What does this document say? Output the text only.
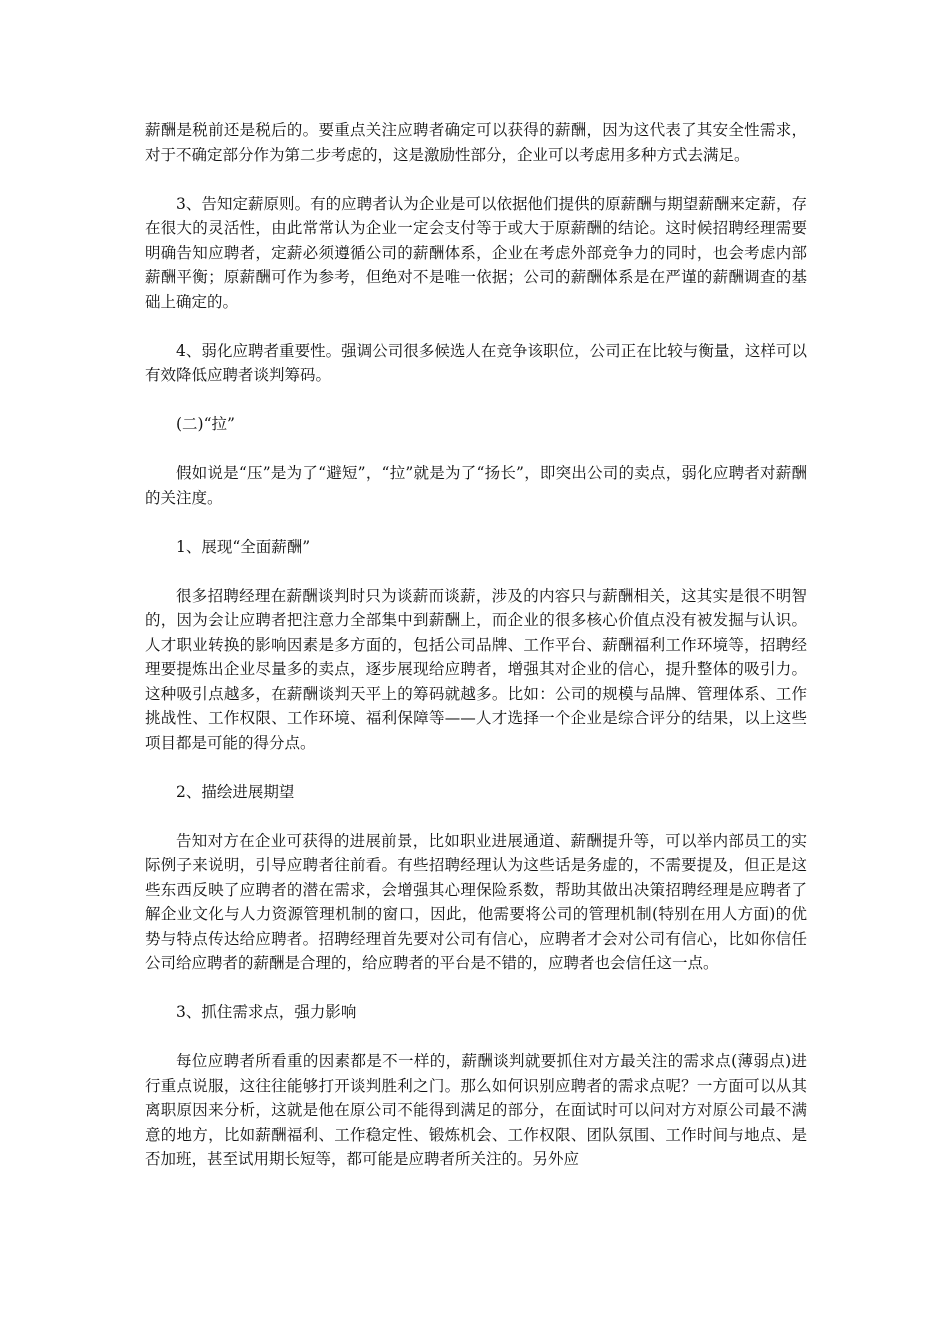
薪酬是税前还是税后的。要重点关注应聘者确定可以获得的薪酬，因为这代表了其安全性需求，对于不确定部分作为第二步考虑的，这是激励性部分，企业可以考虑用多种方式去满足。

3、告知定薪原则。有的应聘者认为企业是可以依据他们提供的原薪酬与期望薪酬来定薪，存在很大的灵活性，由此常常认为企业一定会支付等于或大于原薪酬的结论。这时候招聘经理需要明确告知应聘者，定薪必须遵循公司的薪酬体系，企业在考虑外部竞争力的同时，也会考虑内部薪酬平衡；原薪酬可作为参考，但绝对不是唯一依据；公司的薪酬体系是在严谨的薪酬调查的基础上确定的。

4、弱化应聘者重要性。强调公司很多候选人在竞争该职位，公司正在比较与衡量，这样可以有效降低应聘者谈判筹码。

(二)“拉”

假如说是“压”是为了“避短”，“拉”就是为了“扬长”，即突出公司的卖点，弱化应聘者对薪酬的关注度。

1、展现“全面薪酬”

很多招聘经理在薪酬谈判时只为谈薪而谈薪，涉及的内容只与薪酬相关，这其实是很不明智的，因为会让应聘者把注意力全部集中到薪酬上，而企业的很多核心价值点没有被发掘与认识。人才职业转换的影响因素是多方面的，包括公司品牌、工作平台、薪酬福利工作环境等，招聘经理要提炼出企业尽量多的卖点，逐步展现给应聘者，增强其对企业的信心，提升整体的吸引力。这种吸引点越多，在薪酬谈判天平上的筹码就越多。比如：公司的规模与品牌、管理体系、工作挑战性、工作权限、工作环境、福利保障等——人才选择一个企业是综合评分的结果，以上这些项目都是可能的得分点。

2、描绘进展期望

告知对方在企业可获得的进展前景，比如职业进展通道、薪酬提升等，可以举内部员工的实际例子来说明，引导应聘者往前看。有些招聘经理认为这些话是务虚的，不需要提及，但正是这些东西反映了应聘者的潜在需求，会增强其心理保险系数，帮助其做出决策招聘经理是应聘者了解企业文化与人力资源管理机制的窗口，因此，他需要将公司的管理机制(特别在用人方面)的优势与特点传达给应聘者。招聘经理首先要对公司有信心，应聘者才会对公司有信心，比如你信任公司给应聘者的薪酬是合理的，给应聘者的平台是不错的，应聘者也会信任这一点。

3、抓住需求点，强力影响

每位应聘者所看重的因素都是不一样的，薪酬谈判就要抓住对方最关注的需求点(薄弱点)进行重点说服，这往往能够打开谈判胜利之门。那么如何识别应聘者的需求点呢？一方面可以从其离职原因来分析，这就是他在原公司不能得到满足的部分，在面试时可以问对方对原公司最不满意的地方，比如薪酬福利、工作稳定性、锻炼机会、工作权限、团队氛围、工作时间与地点、是否加班，甚至试用期长短等，都可能是应聘者所关注的。另外应
